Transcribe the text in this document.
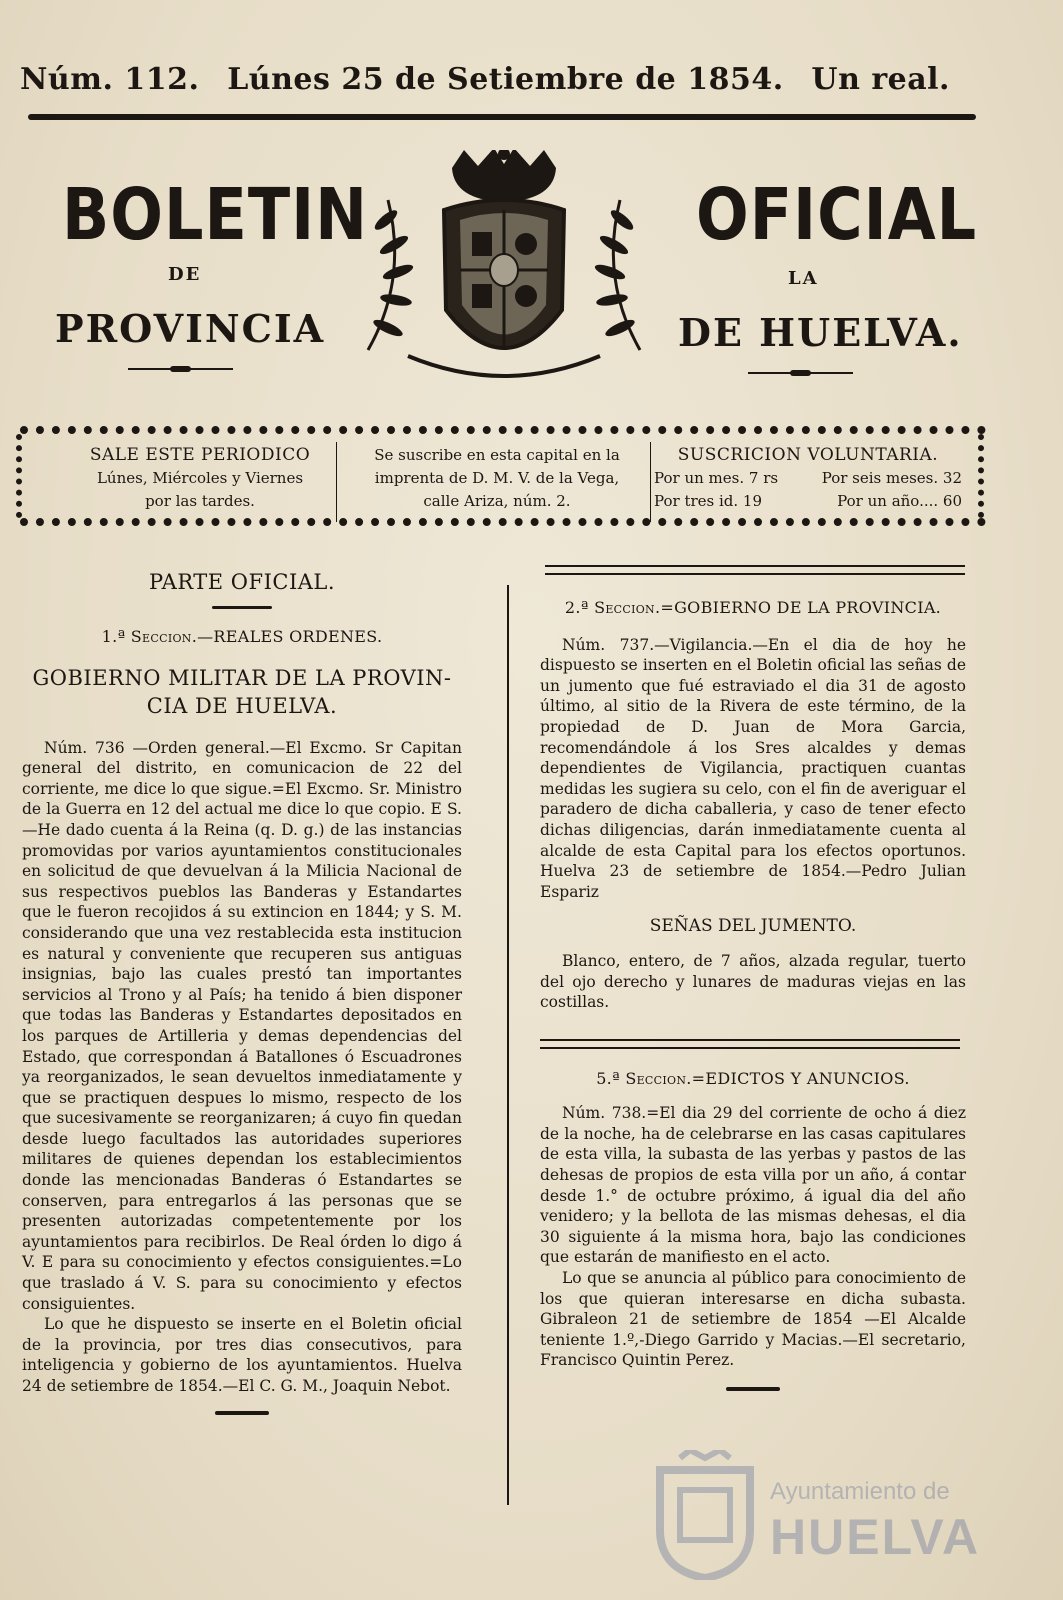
Núm. 112. Lúnes 25 de Setiembre de 1854. Un real.
BOLETIN
DE
PROVINCIA
OFICIAL
LA
DE HUELVA.
SALE ESTE PERIODICO
Lúnes, Miércoles y Viernes
por las tardes.
Se suscribe en esta capital en la
imprenta de D. M. V. de la Vega,
calle Ariza, núm. 2.
SUSCRICION VOLUNTARIA.
Por un mes. 7 rs	Por seis meses. 32
Por tres id. 19	Por un año.... 60
PARTE OFICIAL.
1.ª Seccion.—REALES ORDENES.
GOBIERNO MILITAR DE LA PROVIN-
CIA DE HUELVA.

Núm. 736 —Orden general.—El Excmo. Sr Capitan general del distrito, en comunicacion de 22 del corriente, me dice lo que sigue.=El Excmo. Sr. Ministro de la Guerra en 12 del actual me dice lo que copio. E S.—He dado cuenta á la Reina (q. D. g.) de las instancias promovidas por varios ayuntamientos constitucionales en solicitud de que devuelvan á la Milicia Nacional de sus respectivos pueblos las Banderas y Estandartes que le fueron recojidos á su extincion en 1844; y S. M. considerando que una vez restablecida esta institucion es natural y conveniente que recuperen sus antiguas insignias, bajo las cuales prestó tan importantes servicios al Trono y al País; ha tenido á bien disponer que todas las Banderas y Estandartes depositados en los parques de Artilleria y demas dependencias del Estado, que correspondan á Batallones ó Escuadrones ya reorganizados, le sean devueltos inmediatamente y que se practiquen despues lo mismo, respecto de los que sucesivamente se reorganizaren; á cuyo fin quedan desde luego facultados las autoridades superiores militares de quienes dependan los establecimientos donde las mencionadas Banderas ó Estandartes se conserven, para entregarlos á las personas que se presenten autorizadas competentemente por los ayuntamientos para recibirlos. De Real órden lo digo á V. E para su conocimiento y efectos consiguientes.=Lo que traslado á V. S. para su conocimiento y efectos consiguientes.

Lo que he dispuesto se inserte en el Boletin oficial de la provincia, por tres dias consecutivos, para inteligencia y gobierno de los ayuntamientos. Huelva 24 de setiembre de 1854.—El C. G. M., Joaquin Nebot.

2.ª Seccion.=GOBIERNO DE LA PROVINCIA.

Núm. 737.—Vigilancia.—En el dia de hoy he dispuesto se inserten en el Boletin oficial las señas de un jumento que fué estraviado el dia 31 de agosto último, al sitio de la Rivera de este término, de la propiedad de D. Juan de Mora Garcia, recomendándole á los Sres alcaldes y demas dependientes de Vigilancia, practiquen cuantas medidas les sugiera su celo, con el fin de averiguar el paradero de dicha caballeria, y caso de tener efecto dichas diligencias, darán inmediatamente cuenta al alcalde de esta Capital para los efectos oportunos. Huelva 23 de setiembre de 1854.—Pedro Julian Espariz

SEÑAS DEL JUMENTO.

Blanco, entero, de 7 años, alzada regular, tuerto del ojo derecho y lunares de maduras viejas en las costillas.

5.ª Seccion.=EDICTOS Y ANUNCIOS.

Núm. 738.=El dia 29 del corriente de ocho á diez de la noche, ha de celebrarse en las casas capitulares de esta villa, la subasta de las yerbas y pastos de las dehesas de propios de esta villa por un año, á contar desde 1.° de octubre próximo, á igual dia del año venidero; y la bellota de las mismas dehesas, el dia 30 siguiente á la misma hora, bajo las condiciones que estarán de manifiesto en el acto.

Lo que se anuncia al público para conocimiento de los que quieran interesarse en dicha subasta. Gibraleon 21 de setiembre de 1854 —El Alcalde teniente 1.º,-Diego Garrido y Macias.—El secretario, Francisco Quintin Perez.

Ayuntamiento de
HUELVA
